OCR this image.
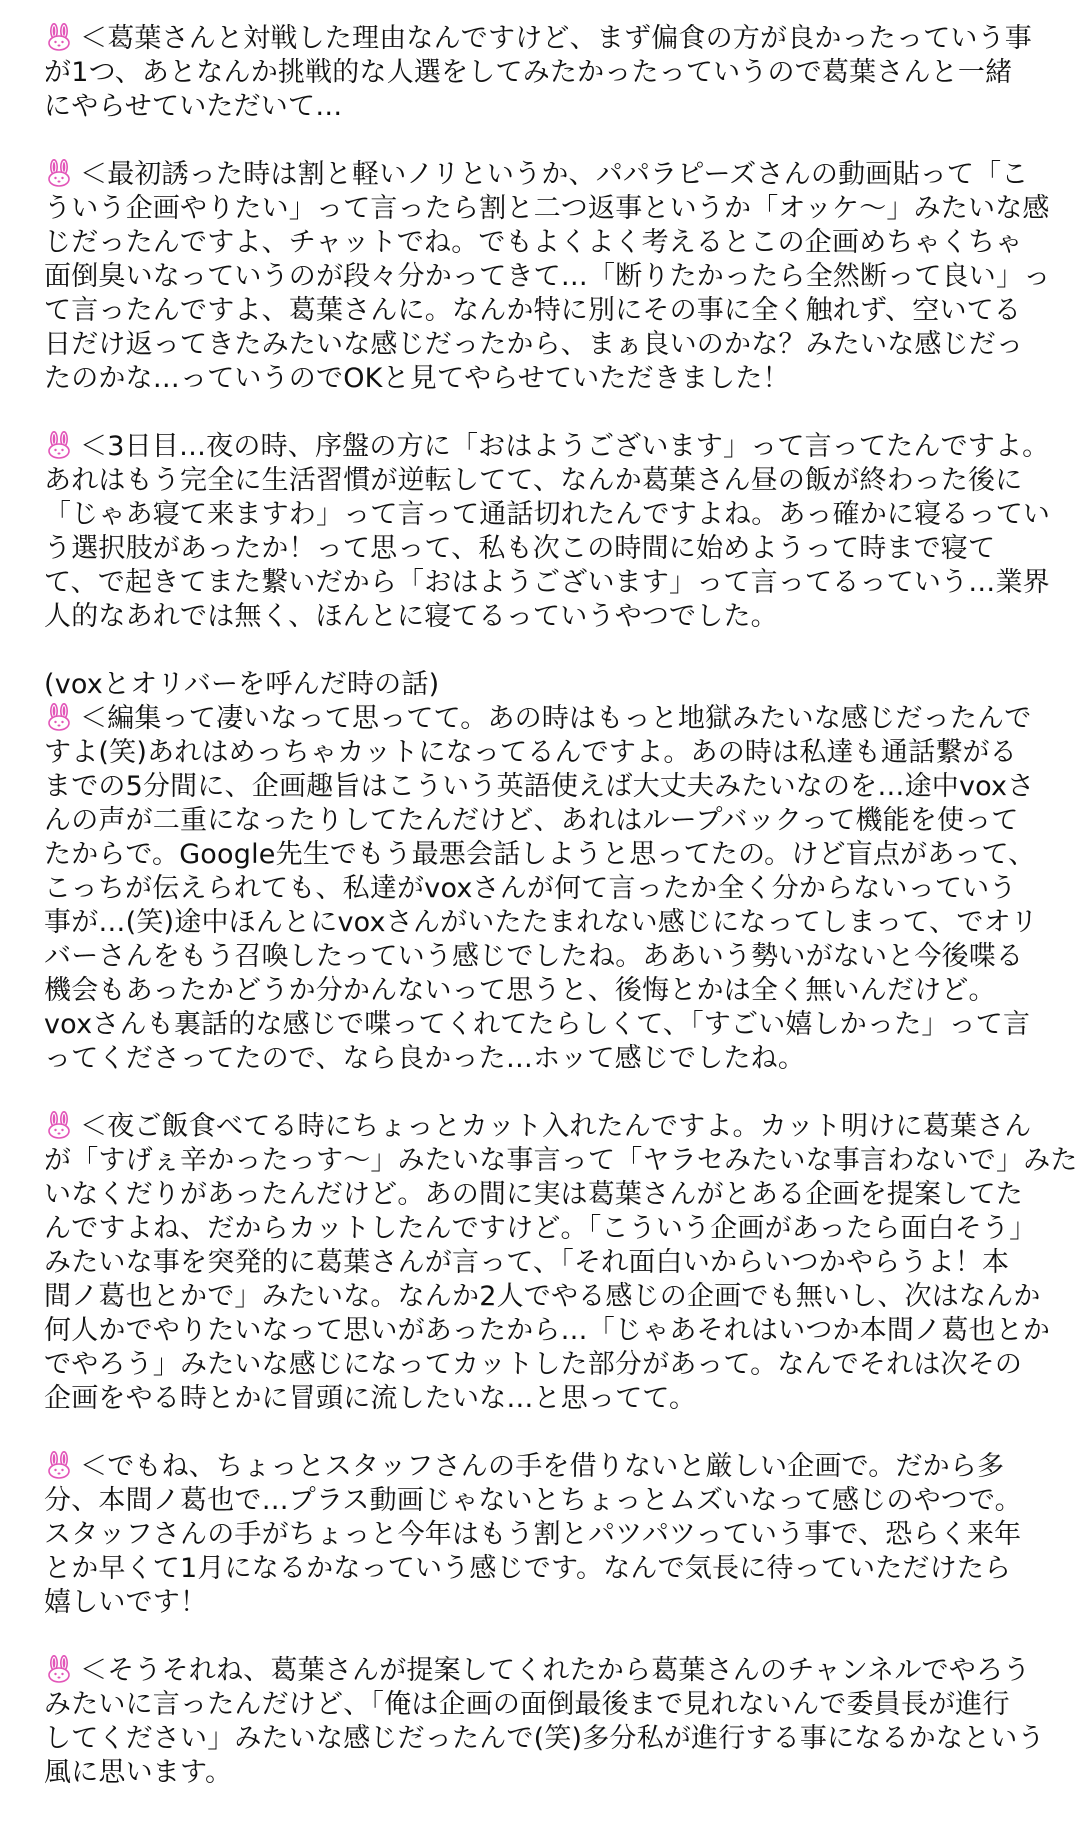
＜葛葉さんと対戦した理由なんですけど、まず偏食の方が良かったっていう事
が1つ、あとなんか挑戦的な人選をしてみたかったっていうので葛葉さんと一緒
にやらせていただいて…
＜最初誘った時は割と軽いノリというか、パパラピーズさんの動画貼って「こ
ういう企画やりたい」って言ったら割と二つ返事というか「オッケ〜」みたいな感
じだったんですよ、チャットでね。でもよくよく考えるとこの企画めちゃくちゃ
面倒臭いなっていうのが段々分かってきて…「断りたかったら全然断って良い」っ
て言ったんですよ、葛葉さんに。なんか特に別にその事に全く触れず、空いてる
日だけ返ってきたみたいな感じだったから、まぁ良いのかな？みたいな感じだっ
たのかな…っていうのでOKと見てやらせていただきました！
＜3日目…夜の時、序盤の方に「おはようございます」って言ってたんですよ。
あれはもう完全に生活習慣が逆転してて、なんか葛葉さん昼の飯が終わった後に
「じゃあ寝て来ますわ」って言って通話切れたんですよね。あっ確かに寝るってい
う選択肢があったか！って思って、私も次この時間に始めようって時まで寝て
て、で起きてまた繋いだから「おはようございます」って言ってるっていう…業界
人的なあれでは無く、ほんとに寝てるっていうやつでした。
(voxとオリバーを呼んだ時の話)
＜編集って凄いなって思ってて。あの時はもっと地獄みたいな感じだったんで
すよ(笑)あれはめっちゃカットになってるんですよ。あの時は私達も通話繋がる
までの5分間に、企画趣旨はこういう英語使えば大丈夫みたいなのを…途中voxさ
んの声が二重になったりしてたんだけど、あれはループバックって機能を使って
たからで。Google先生でもう最悪会話しようと思ってたの。けど盲点があって、
こっちが伝えられても、私達がvoxさんが何て言ったか全く分からないっていう
事が…(笑)途中ほんとにvoxさんがいたたまれない感じになってしまって、でオリ
バーさんをもう召喚したっていう感じでしたね。ああいう勢いがないと今後喋る
機会もあったかどうか分かんないって思うと、後悔とかは全く無いんだけど。
voxさんも裏話的な感じで喋ってくれてたらしくて、「すごい嬉しかった」って言
ってくださってたので、なら良かった…ホッて感じでしたね。
＜夜ご飯食べてる時にちょっとカット入れたんですよ。カット明けに葛葉さん
が「すげぇ辛かったっす〜」みたいな事言って「ヤラセみたいな事言わないで」みた
いなくだりがあったんだけど。あの間に実は葛葉さんがとある企画を提案してた
んですよね、だからカットしたんですけど。「こういう企画があったら面白そう」
みたいな事を突発的に葛葉さんが言って、「それ面白いからいつかやらうよ！本
間ノ葛也とかで」みたいな。なんか2人でやる感じの企画でも無いし、次はなんか
何人かでやりたいなって思いがあったから…「じゃあそれはいつか本間ノ葛也とか
でやろう」みたいな感じになってカットした部分があって。なんでそれは次その
企画をやる時とかに冒頭に流したいな…と思ってて。
＜でもね、ちょっとスタッフさんの手を借りないと厳しい企画で。だから多
分、本間ノ葛也で…プラス動画じゃないとちょっとムズいなって感じのやつで。
スタッフさんの手がちょっと今年はもう割とパツパツっていう事で、恐らく来年
とか早くて1月になるかなっていう感じです。なんで気長に待っていただけたら
嬉しいです！
＜そうそれね、葛葉さんが提案してくれたから葛葉さんのチャンネルでやろう
みたいに言ったんだけど、「俺は企画の面倒最後まで見れないんで委員長が進行
してください」みたいな感じだったんで(笑)多分私が進行する事になるかなという
風に思います。
